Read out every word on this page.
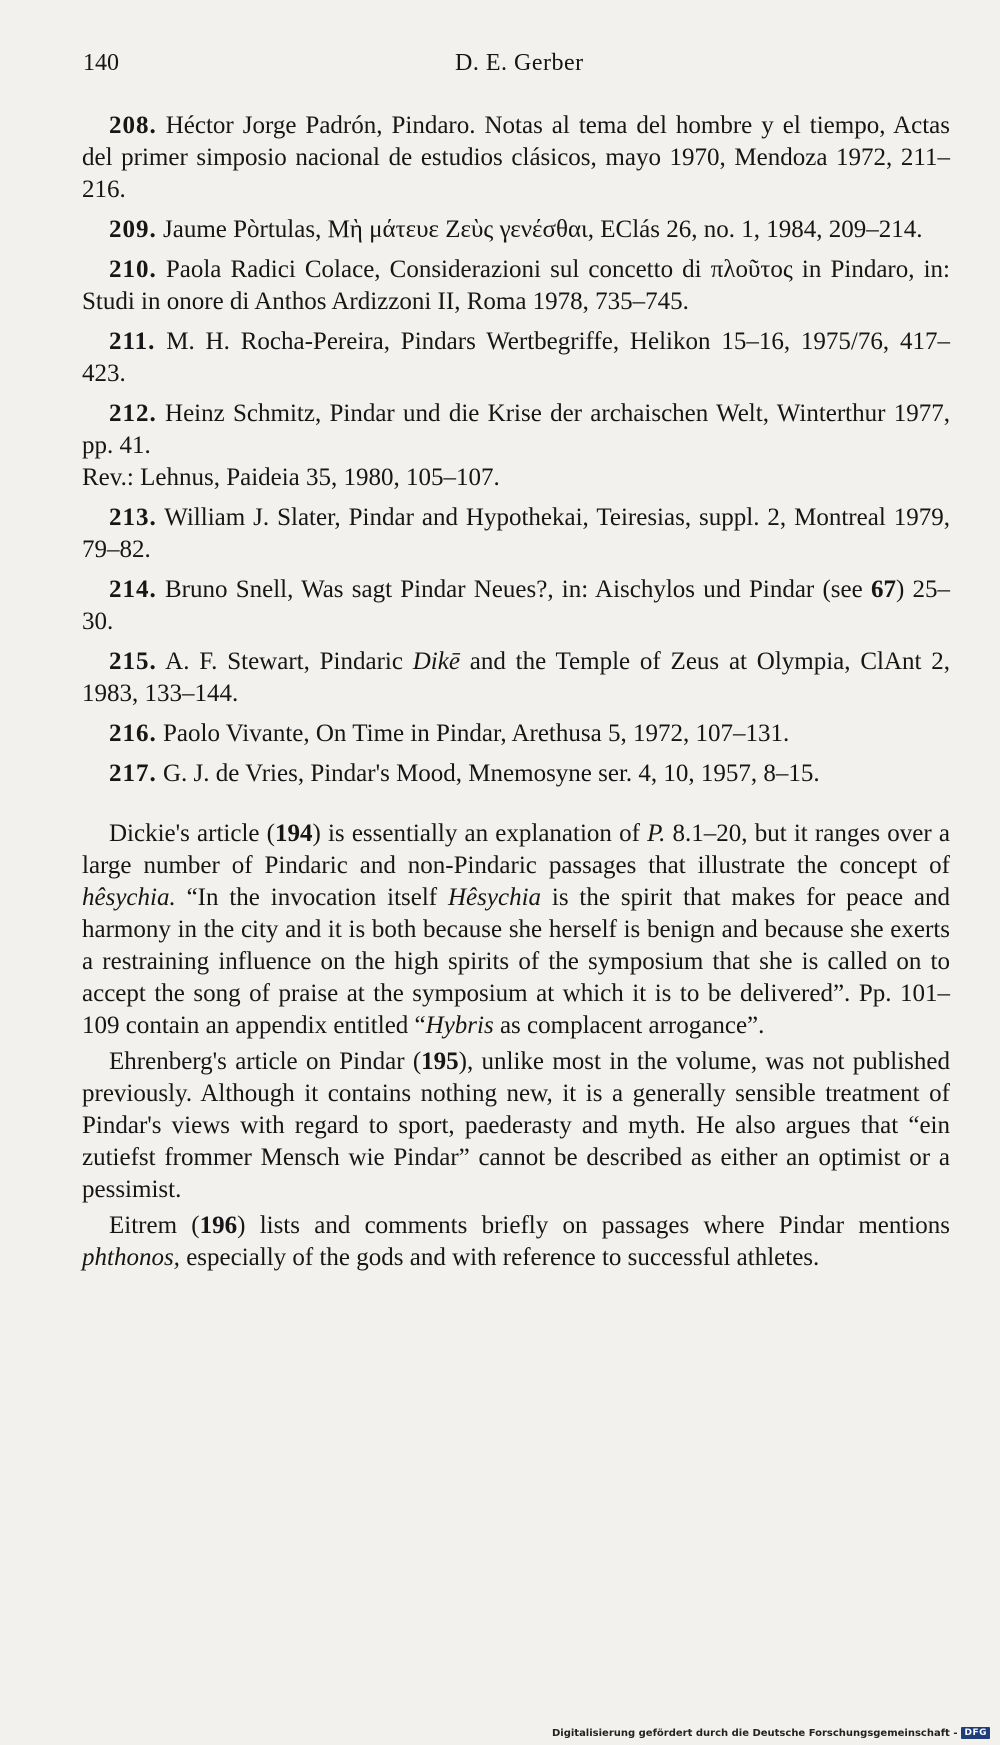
140	D. E. Gerber

208. Héctor Jorge Padrón, Pindaro. Notas al tema del hombre y el tiempo, Actas del primer simposio nacional de estudios clásicos, mayo 1970, Mendoza 1972, 211–216.

209. Jaume Pòrtulas, Μὴ μάτευε Ζεὺς γενέσθαι, EClás 26, no. 1, 1984, 209–214.

210. Paola Radici Colace, Considerazioni sul concetto di πλοῦτος in Pindaro, in: Studi in onore di Anthos Ardizzoni II, Roma 1978, 735–745.

211. M. H. Rocha-Pereira, Pindars Wertbegriffe, Helikon 15–16, 1975/76, 417–423.

212. Heinz Schmitz, Pindar und die Krise der archaischen Welt, Winterthur 1977, pp. 41.
Rev.: Lehnus, Paideia 35, 1980, 105–107.

213. William J. Slater, Pindar and Hypothekai, Teiresias, suppl. 2, Montreal 1979, 79–82.

214. Bruno Snell, Was sagt Pindar Neues?, in: Aischylos und Pindar (see 67) 25–30.

215. A. F. Stewart, Pindaric Dikē and the Temple of Zeus at Olympia, ClAnt 2, 1983, 133–144.

216. Paolo Vivante, On Time in Pindar, Arethusa 5, 1972, 107–131.

217. G. J. de Vries, Pindar's Mood, Mnemosyne ser. 4, 10, 1957, 8–15.

Dickie's article (194) is essentially an explanation of P. 8.1–20, but it ranges over a large number of Pindaric and non-Pindaric passages that illustrate the concept of hêsychia. “In the invocation itself Hêsychia is the spirit that makes for peace and harmony in the city and it is both because she herself is benign and because she exerts a restraining influence on the high spirits of the symposium that she is called on to accept the song of praise at the symposium at which it is to be delivered”. Pp. 101–109 contain an appendix entitled “Hybris as complacent arrogance”.

Ehrenberg's article on Pindar (195), unlike most in the volume, was not published previously. Although it contains nothing new, it is a generally sensible treatment of Pindar's views with regard to sport, paederasty and myth. He also argues that “ein zutiefst frommer Mensch wie Pindar” cannot be described as either an optimist or a pessimist.

Eitrem (196) lists and comments briefly on passages where Pindar mentions phthonos, especially of the gods and with reference to successful athletes.

Digitalisierung gefördert durch die Deutsche Forschungsgemeinschaft - DFG
